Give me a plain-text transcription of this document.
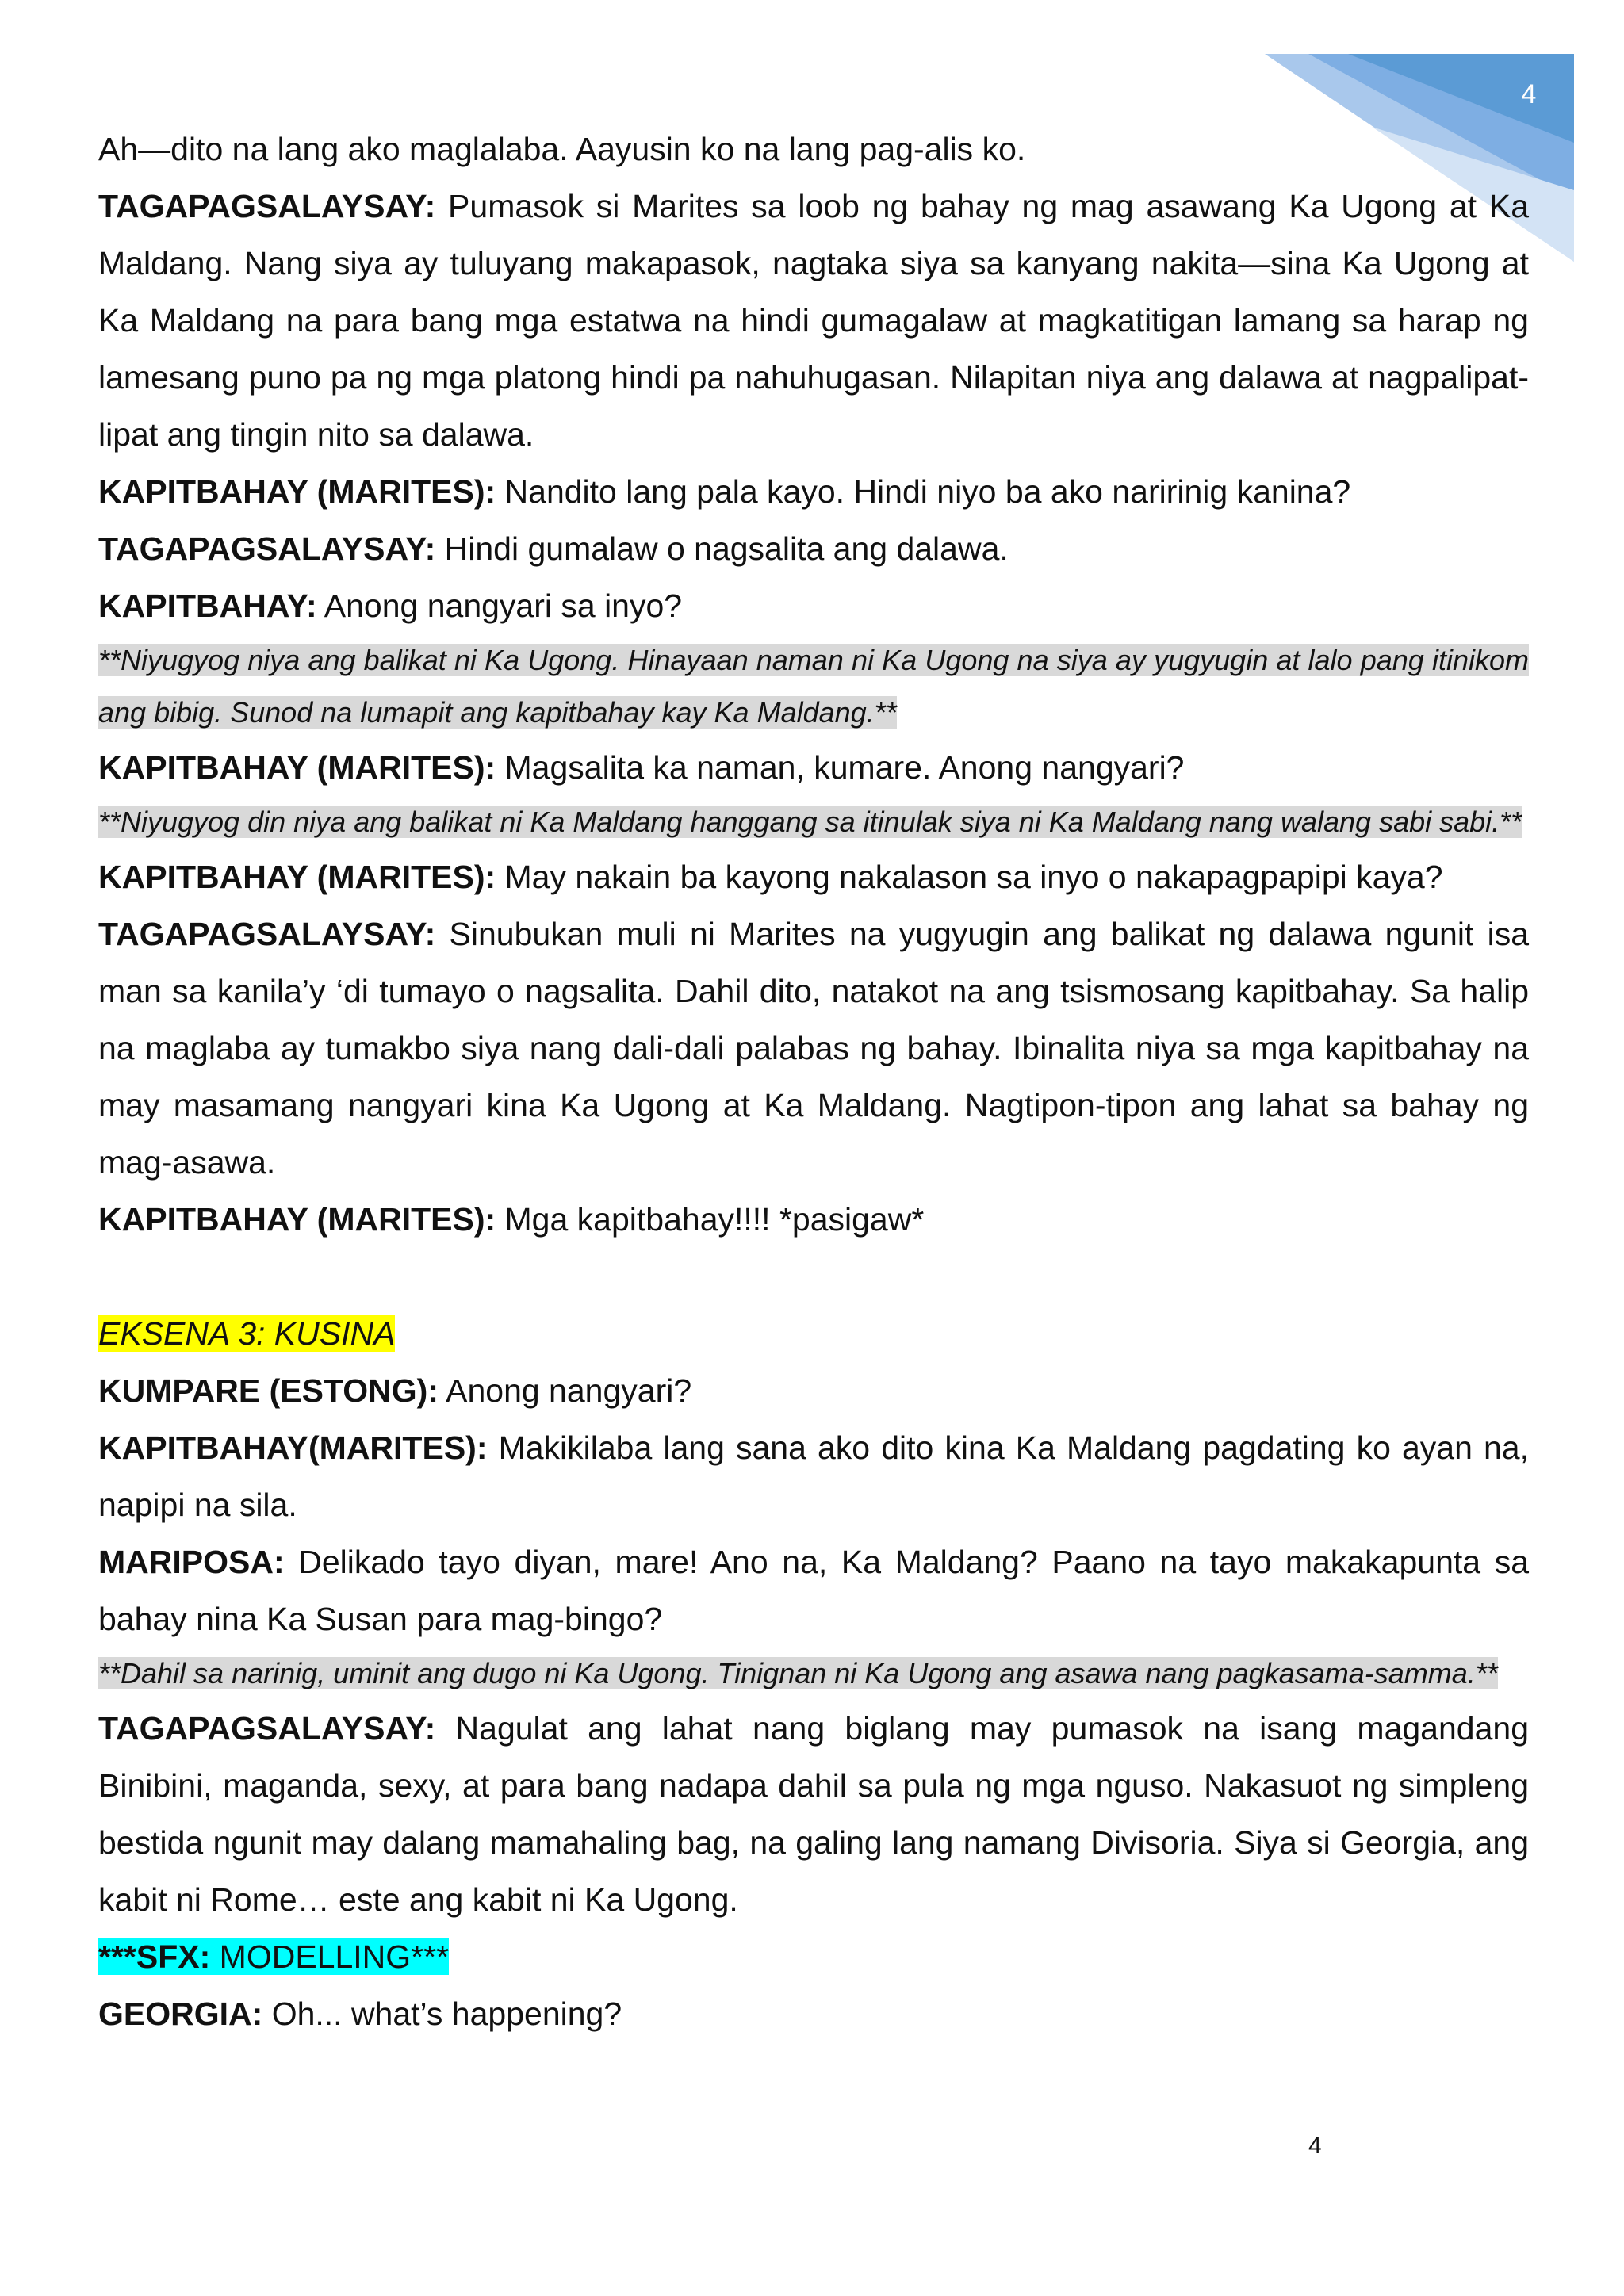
4

Ah—dito na lang ako maglalaba. Aayusin ko na lang pag-alis ko.

TAGAPAGSALAYSAY: Pumasok si Marites sa loob ng bahay ng mag asawang Ka Ugong at Ka Maldang. Nang siya ay tuluyang makapasok, nagtaka siya sa kanyang nakita—sina Ka Ugong at Ka Maldang na para bang mga estatwa na hindi gumagalaw at magkatitigan lamang sa harap ng lamesang puno pa ng mga platong hindi pa nahuhugasan. Nilapitan niya ang dalawa at nagpalipat-lipat ang tingin nito sa dalawa.

KAPITBAHAY (MARITES): Nandito lang pala kayo. Hindi niyo ba ako naririnig kanina?

TAGAPAGSALAYSAY: Hindi gumalaw o nagsalita ang dalawa.

KAPITBAHAY: Anong nangyari sa inyo?

**Niyugyog niya ang balikat ni Ka Ugong. Hinayaan naman ni Ka Ugong na siya ay yugyugin at lalo pang itinikom ang bibig. Sunod na lumapit ang kapitbahay kay Ka Maldang.**

KAPITBAHAY (MARITES): Magsalita ka naman, kumare. Anong nangyari?

**Niyugyog din niya ang balikat ni Ka Maldang hanggang sa itinulak siya ni Ka Maldang nang walang sabi sabi.**

KAPITBAHAY (MARITES): May nakain ba kayong nakalason sa inyo o nakapagpapipi kaya?

TAGAPAGSALAYSAY: Sinubukan muli ni Marites na yugyugin ang balikat ng dalawa ngunit isa man sa kanila’y ‘di tumayo o nagsalita. Dahil dito, natakot na ang tsismosang kapitbahay. Sa halip na maglaba ay tumakbo siya nang dali-dali palabas ng bahay. Ibinalita niya sa mga kapitbahay na may masamang nangyari kina Ka Ugong at Ka Maldang. Nagtipon-tipon ang lahat sa bahay ng mag-asawa.

KAPITBAHAY (MARITES): Mga kapitbahay!!!! *pasigaw*

EKSENA 3: KUSINA

KUMPARE (ESTONG): Anong nangyari?

KAPITBAHAY(MARITES): Makikilaba lang sana ako dito kina Ka Maldang pagdating ko ayan na, napipi na sila.

MARIPOSA: Delikado tayo diyan, mare! Ano na, Ka Maldang? Paano na tayo makakapunta sa bahay nina Ka Susan para mag-bingo?

**Dahil sa narinig, uminit ang dugo ni Ka Ugong. Tinignan ni Ka Ugong ang asawa nang pagkasama-samma.**

TAGAPAGSALAYSAY: Nagulat ang lahat nang biglang may pumasok na isang magandang Binibini, maganda, sexy, at para bang nadapa dahil sa pula ng mga nguso. Nakasuot ng simpleng bestida ngunit may dalang mamahaling bag, na galing lang namang Divisoria. Siya si Georgia, ang kabit ni Rome… este ang kabit ni Ka Ugong.

***SFX: MODELLING***

GEORGIA: Oh... what’s happening?

4
